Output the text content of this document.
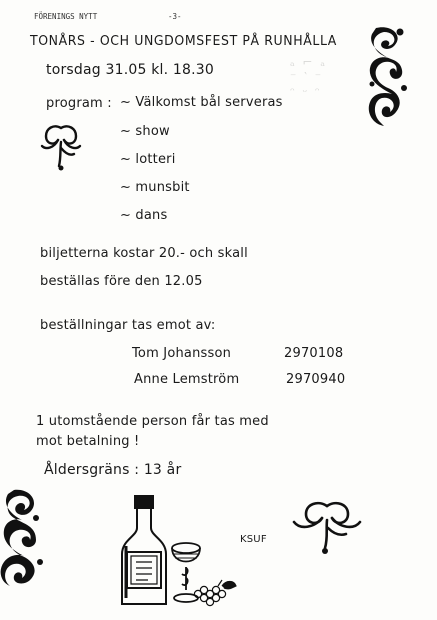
FÖRENINGS NYTT	-3-
ₐ ⌐ ₐ
⁻ ‵ ⁻
ᵔ ᵕ ᵔ
TONÅRS - OCH UNGDOMSFEST PÅ RUNHÅLLA
torsdag 31.05 kl. 18.30
program : ~ Välkomst bål serveras
~ show
~ lotteri
~ munsbit
~ dans
biljetterna kostar 20.- och skall
beställas före den 12.05
beställningar tas emot av:
Tom Johansson	2970108
Anne Lemström	2970940
1 utomstående person får tas med
mot betalning !
Åldersgräns : 13 år
KSUF
